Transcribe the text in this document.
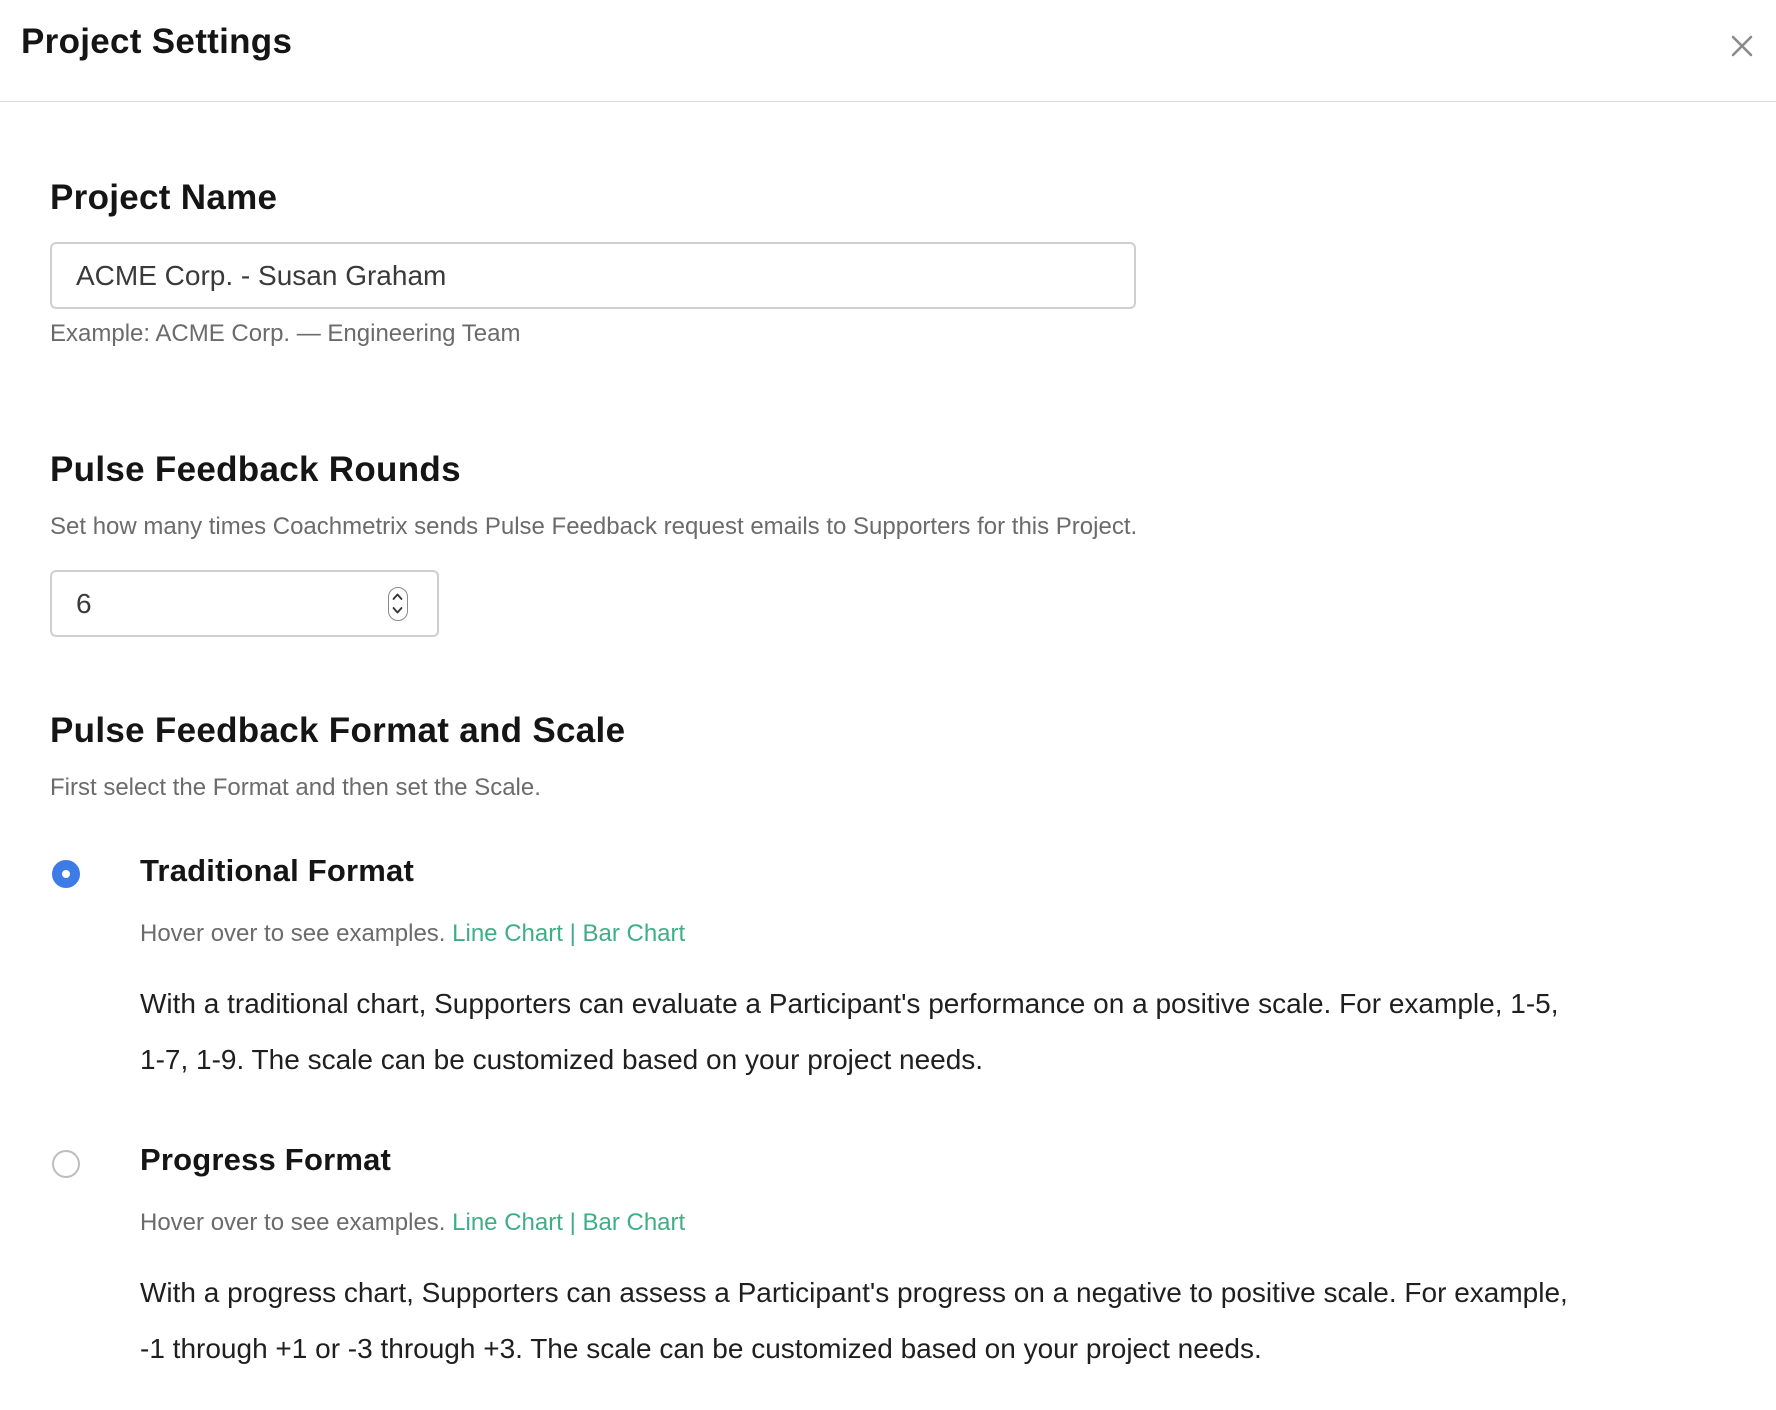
Project Settings
Project Name
ACME Corp. - Susan Graham
Example: ACME Corp. — Engineering Team
Pulse Feedback Rounds
Set how many times Coachmetrix sends Pulse Feedback request emails to Supporters for this Project.
6
Pulse Feedback Format and Scale
First select the Format and then set the Scale.
Traditional Format
Hover over to see examples. Line Chart | Bar Chart
With a traditional chart, Supporters can evaluate a Participant's performance on a positive scale. For example, 1-5, 1-7, 1-9. The scale can be customized based on your project needs.
Progress Format
Hover over to see examples. Line Chart | Bar Chart
With a progress chart, Supporters can assess a Participant's progress on a negative to positive scale. For example, -1 through +1 or -3 through +3. The scale can be customized based on your project needs.
